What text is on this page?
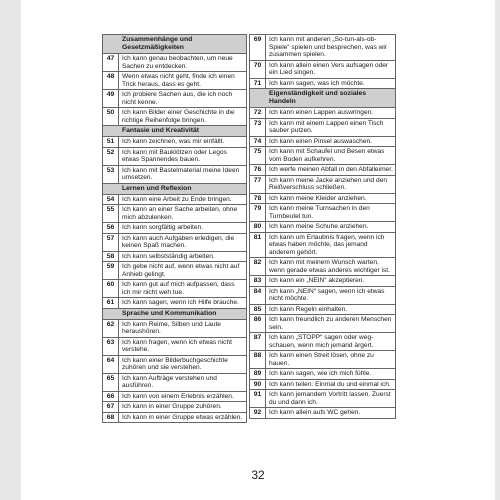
Zusammenhänge und Gesetzmäßigkeiten
47	Ich kann genau beobachten, um neue Sachen zu entdecken.
48	Wenn etwas nicht geht, finde ich einen Trick heraus, dass es geht.
49	Ich probiere Sachen aus, die ich noch nicht kenne.
50	Ich kann Bilder einer Geschichte in die richtige Reihenfolge bringen.
Fantasie und Kreativität
51	Ich kann zeichnen, was mir einfällt.
52	Ich kann mit Bauklötzen oder Legos etwas Spannendes bauen.
53	Ich kann mit Bastelmaterial meine Ideen umsetzen.
Lernen und Reflexion
54	Ich kann eine Arbeit zu Ende bringen.
55	Ich kann an einer Sache arbeiten, ohne mich abzulenken.
56	Ich kann sorgfältig arbeiten.
57	Ich kann auch Aufgaben erledigen, die keinen Spaß machen.
58	Ich kann selbstständig arbeiten.
59	Ich gebe nicht auf, wenn etwas nicht auf Anhieb gelingt.
60	Ich kann gut auf mich aufpassen, dass ich mir nicht weh tue.
61	Ich kann sagen, wenn ich Hilfe brauche.
Sprache und Kommunikation
62	Ich kann Reime, Silben und Laute heraushören.
63	Ich kann fragen, wenn ich etwas nicht verstehe.
64	Ich kann einer Bilderbuchgeschichte zuhören und sie verstehen.
65	Ich kann Aufträge verstehen und ausführen.
66	Ich kann von einem Erlebnis erzählen.
67	Ich kann in einer Gruppe zuhören.
68	Ich kann in einer Gruppe etwas erzählen.
69	Ich kann mit anderen „So-tun-als-ob-Spiele“ spielen und besprechen, was wir zusammen spielen.
70	Ich kann allein einen Vers aufsagen oder ein Lied singen.
71	Ich kann sagen, was ich möchte.
Eigenständigkeit und soziales Handeln
72	Ich kann einen Lappen auswringen.
73	Ich kann mit einem Lappen einen Tisch sauber putzen.
74	Ich kann einen Pinsel auswaschen.
75	Ich kann mit Schaufel und Besen etwas vom Boden aufkehren.
76	Ich werfe meinen Abfall in den Abfalleimer.
77	Ich kann meine Jacke anziehen und den Reißverschluss schließen.
78	Ich kann meine Kleider anziehen.
79	Ich kann meine Turnsachen in den Turnbeutel tun.
80	Ich kann meine Schuhe anziehen.
81	Ich kann um Erlaubnis fragen, wenn ich etwas haben möchte, das jemand anderem gehört.
82	Ich kann mit meinem Wunsch warten, wenn gerade etwas anderes wichtiger ist.
83	Ich kann ein „NEIN“ akzeptieren.
84	Ich kann „NEIN“ sagen, wenn ich etwas nicht möchte.
85	Ich kann Regeln einhalten.
86	Ich kann freundlich zu anderen Menschen sein.
87	Ich kann „STOPP“ sagen oder weg-schauen, wenn mich jemand ärgert.
88	Ich kann einen Streit lösen, ohne zu hauen.
89	Ich kann sagen, wie ich mich fühle.
90	Ich kann teilen: Einmal du und einmal ich.
91	Ich kann jemandem Vortritt lassen. Zuerst du und dann ich.
92	Ich kann allein aufs WC gehen.
32
